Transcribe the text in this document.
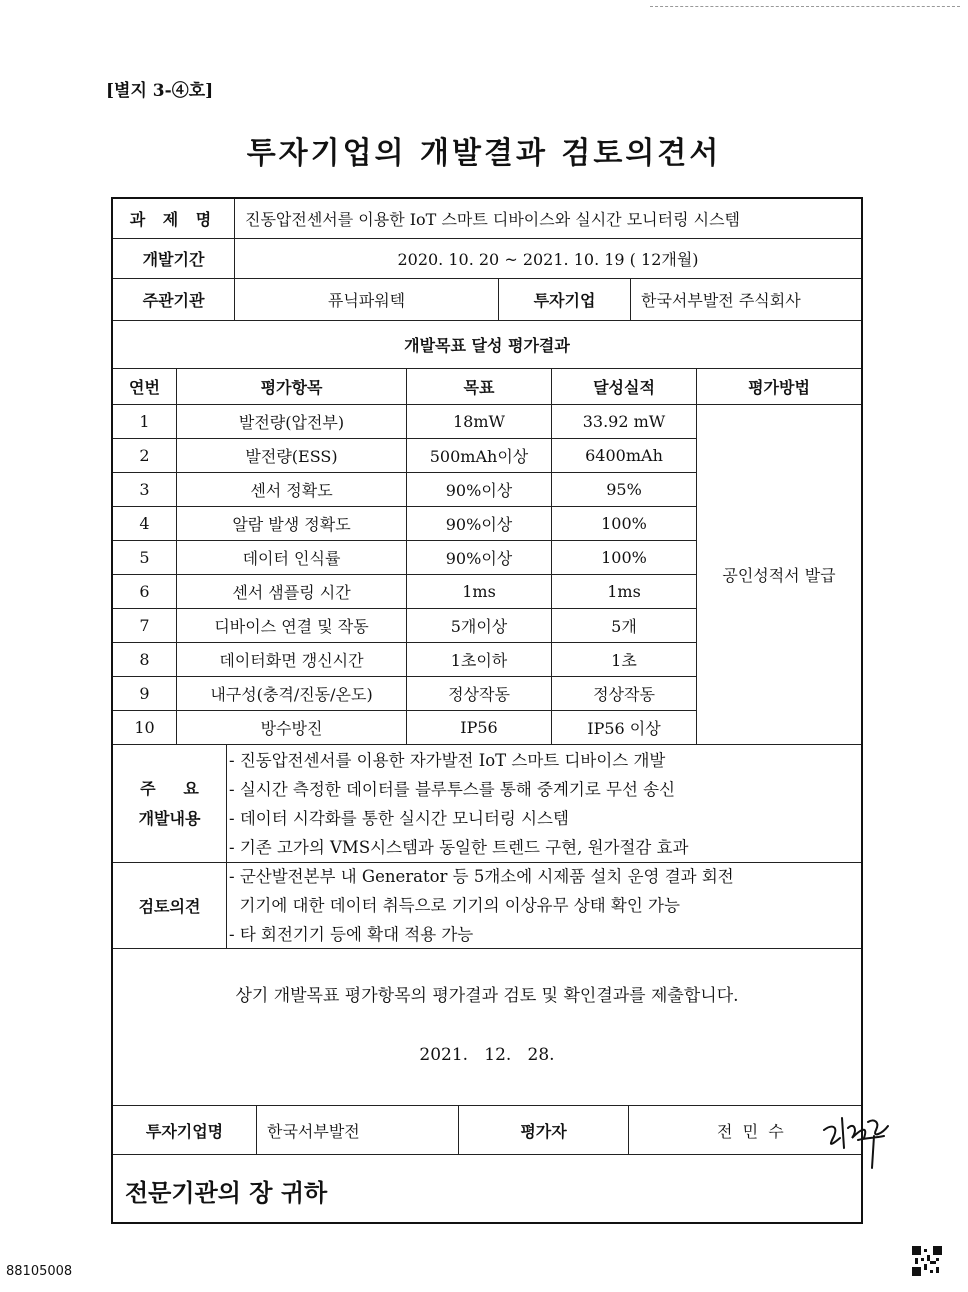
[별지 3-④호]
투자기업의 개발결과 검토의견서
과 제 명	진동압전센서를 이용한 IoT 스마트 디바이스와 실시간 모니터링 시스템
개발기간	2020. 10. 20 ~ 2021. 10. 19 ( 12개월)
주관기관	퓨닉파워텍	투자기업	한국서부발전 주식회사
개발목표 달성 평가결과
연번	평가항목	목표	달성실적	평가방법
1	발전량(압전부)	18mW	33.92 mW
2	발전량(ESS)	500mAh이상	6400mAh
3	센서 정확도	90%이상	95%
4	알람 발생 정확도	90%이상	100%
5	데이터 인식률	90%이상	100%
6	센서 샘플링 시간	1ms	1ms
7	디바이스 연결 및 작동	5개이상	5개
8	데이터화면 갱신시간	1초이하	1초
9	내구성(충격/진동/온도)	정상작동	정상작동
10	방수방진	IP56	IP56 이상
공인성적서 발급
주     요
개발내용
- 진동압전센서를 이용한 자가발전 IoT 스마트 디바이스 개발
- 실시간 측정한 데이터를 블루투스를 통해 중계기로 무선 송신
- 데이터 시각화를 통한 실시간 모니터링 시스템
- 기존 고가의 VMS시스템과 동일한 트렌드 구현, 원가절감 효과
검토의견
- 군산발전본부 내 Generator 등 5개소에 시제품 설치 운영 결과 회전
기기에 대한 데이터 취득으로 기기의 이상유무 상태 확인 가능
- 타 회전기기 등에 확대 적용 가능
상기 개발목표 평가항목의 평가결과 검토 및 확인결과를 제출합니다.
2021.   12.   28.
투자기업명	한국서부발전	평가자	전  민  수
전문기관의 장 귀하
88105008
